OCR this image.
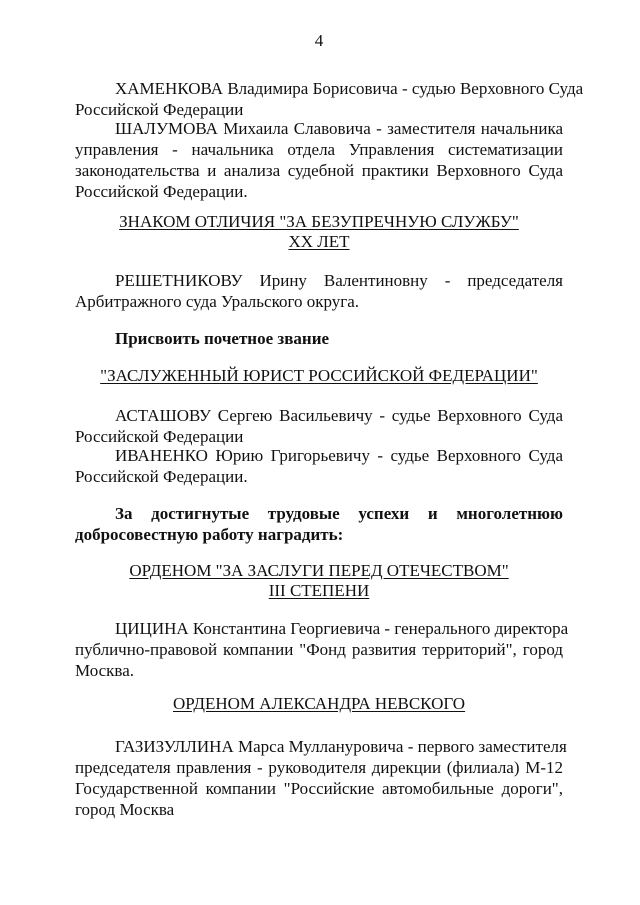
4
ХАМЕНКОВА Владимира Борисовича - судью Верховного Суда
Российской Федерации
ШАЛУМОВА Михаила Славовича - заместителя начальника
управления - начальника отдела Управления систематизации
законодательства и анализа судебной практики Верховного Суда
Российской Федерации.
ЗНАКОМ ОТЛИЧИЯ "ЗА БЕЗУПРЕЧНУЮ СЛУЖБУ"
XX ЛЕТ
РЕШЕТНИКОВУ Ирину Валентиновну - председателя
Арбитражного суда Уральского округа.
Присвоить почетное звание
"ЗАСЛУЖЕННЫЙ ЮРИСТ РОССИЙСКОЙ ФЕДЕРАЦИИ"
АСТАШОВУ Сергею Васильевичу - судье Верховного Суда
Российской Федерации
ИВАНЕНКО Юрию Григорьевичу - судье Верховного Суда
Российской Федерации.
За достигнутые трудовые успехи и многолетнюю
добросовестную работу наградить:
ОРДЕНОМ "ЗА ЗАСЛУГИ ПЕРЕД ОТЕЧЕСТВОМ"
III СТЕПЕНИ
ЦИЦИНА Константина Георгиевича - генерального директора
публично-правовой компании "Фонд развития территорий", город
Москва.
ОРДЕНОМ АЛЕКСАНДРА НЕВСКОГО
ГАЗИЗУЛЛИНА Марса Муллануровича - первого заместителя
председателя правления - руководителя дирекции (филиала) М-12
Государственной компании "Российские автомобильные дороги",
город Москва
